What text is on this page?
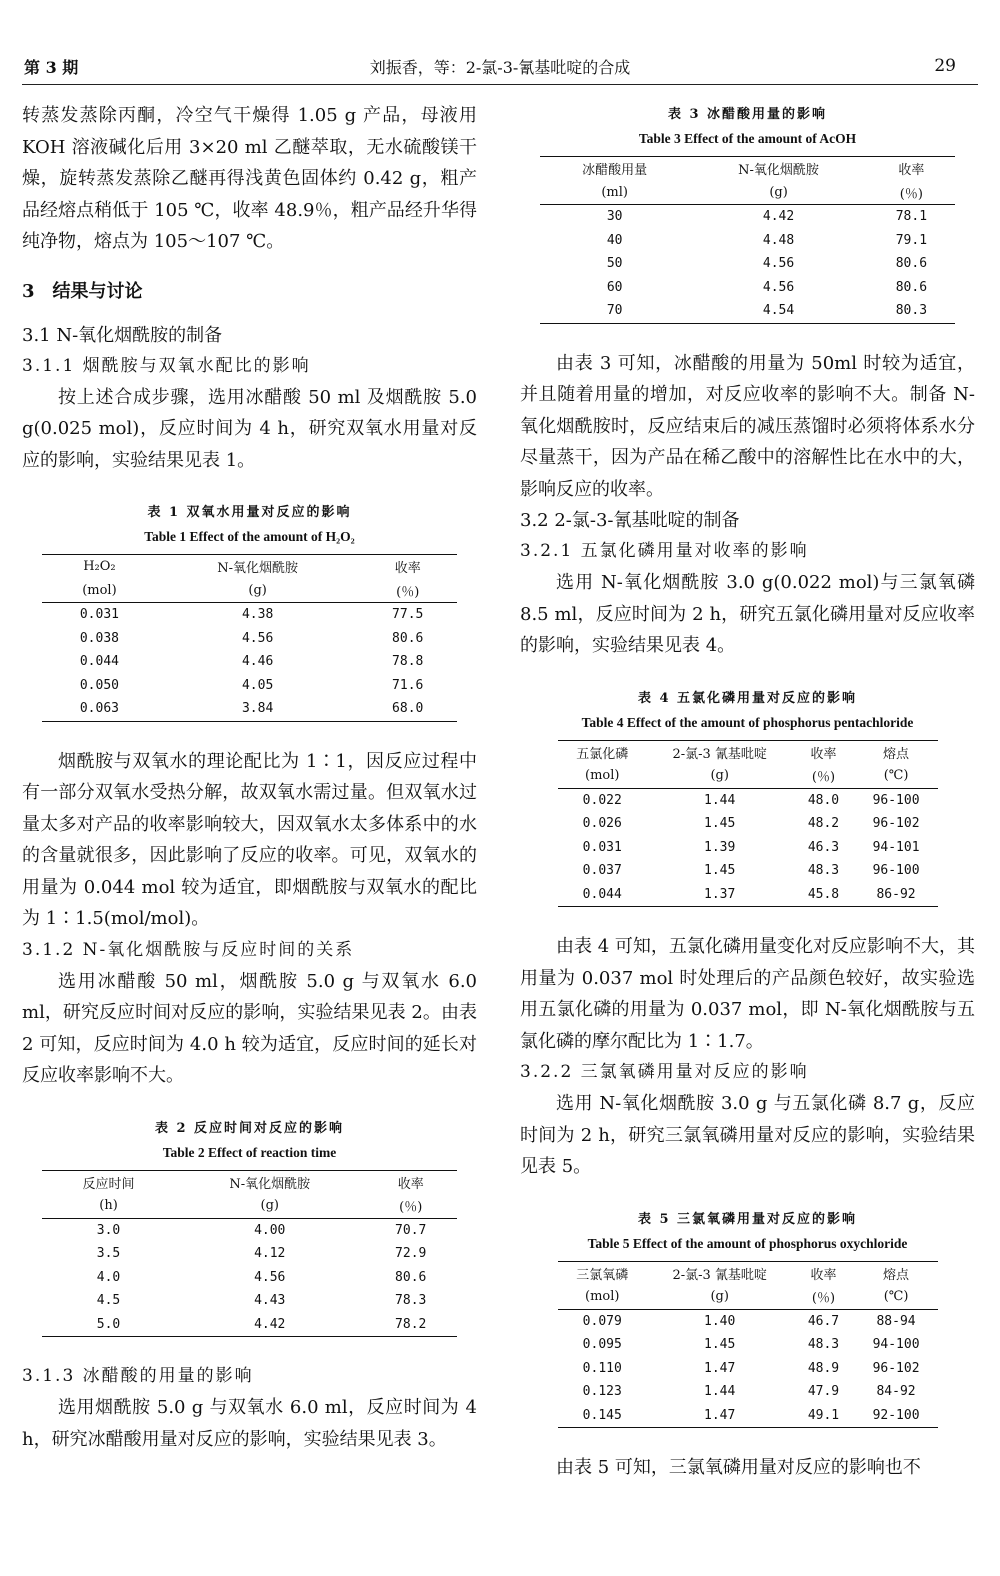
第 3 期	刘振香，等：2-氯-3-氰基吡啶的合成	29

转蒸发蒸除丙酮，冷空气干燥得 1.05 g 产品，母液用 KOH 溶液碱化后用 3×20 ml 乙醚萃取，无水硫酸镁干燥，旋转蒸发蒸除乙醚再得浅黄色固体约 0.42 g，粗产品经熔点稍低于 105 ℃，收率 48.9％，粗产品经升华得纯净物，熔点为 105～107 ℃。

3 结果与讨论
3.1 N-氧化烟酰胺的制备
3.1.1 烟酰胺与双氧水配比的影响

按上述合成步骤，选用冰醋酸 50 ml 及烟酰胺 5.0 g(0.025 mol)，反应时间为 4 h，研究双氧水用量对反应的影响，实验结果见表 1。

表 1 双氧水用量对反应的影响
Table 1 Effect of the amount of H₂O₂
H₂O₂	N-氧化烟酰胺	收率
(mol)	(g)	(％)
0.031	4.38	77.5
0.038	4.56	80.6
0.044	4.46	78.8
0.050	4.05	71.6
0.063	3.84	68.0

烟酰胺与双氧水的理论配比为 1∶1，因反应过程中有一部分双氧水受热分解，故双氧水需过量。但双氧水过量太多对产品的收率影响较大，因双氧水太多体系中的水的含量就很多，因此影响了反应的收率。可见，双氧水的用量为 0.044 mol 较为适宜，即烟酰胺与双氧水的配比为 1∶1.5(mol/mol)。

3.1.2 N-氧化烟酰胺与反应时间的关系

选用冰醋酸 50 ml，烟酰胺 5.0 g 与双氧水 6.0 ml，研究反应时间对反应的影响，实验结果见表 2。由表 2 可知，反应时间为 4.0 h 较为适宜，反应时间的延长对反应收率影响不大。

表 2 反应时间对反应的影响
Table 2 Effect of reaction time
反应时间	N-氧化烟酰胺	收率
(h)	(g)	(％)
3.0	4.00	70.7
3.5	4.12	72.9
4.0	4.56	80.6
4.5	4.43	78.3
5.0	4.42	78.2
3.1.3 冰醋酸的用量的影响

选用烟酰胺 5.0 g 与双氧水 6.0 ml，反应时间为 4 h，研究冰醋酸用量对反应的影响，实验结果见表 3。

表 3 冰醋酸用量的影响
Table 3 Effect of the amount of AcOH
冰醋酸用量	N-氧化烟酰胺	收率
(ml)	(g)	(％)
30	4.42	78.1
40	4.48	79.1
50	4.56	80.6
60	4.56	80.6
70	4.54	80.3

由表 3 可知，冰醋酸的用量为 50ml 时较为适宜，并且随着用量的增加，对反应收率的影响不大。制备 N-氧化烟酰胺时，反应结束后的减压蒸馏时必须将体系水分尽量蒸干，因为产品在稀乙酸中的溶解性比在水中的大，影响反应的收率。

3.2 2-氯-3-氰基吡啶的制备
3.2.1 五氯化磷用量对收率的影响

选用 N-氧化烟酰胺 3.0 g(0.022 mol)与三氯氧磷 8.5 ml，反应时间为 2 h，研究五氯化磷用量对反应收率的影响，实验结果见表 4。

表 4 五氯化磷用量对反应的影响
Table 4 Effect of the amount of phosphorus pentachloride
五氯化磷	2-氯-3 氰基吡啶	收率	熔点
(mol)	(g)	(％)	(℃)
0.022	1.44	48.0	96-100
0.026	1.45	48.2	96-102
0.031	1.39	46.3	94-101
0.037	1.45	48.3	96-100
0.044	1.37	45.8	86-92

由表 4 可知，五氯化磷用量变化对反应影响不大，其用量为 0.037 mol 时处理后的产品颜色较好，故实验选用五氯化磷的用量为 0.037 mol，即 N-氧化烟酰胺与五氯化磷的摩尔配比为 1∶1.7。

3.2.2 三氯氧磷用量对反应的影响

选用 N-氧化烟酰胺 3.0 g 与五氯化磷 8.7 g，反应时间为 2 h，研究三氯氧磷用量对反应的影响，实验结果见表 5。

表 5 三氯氧磷用量对反应的影响
Table 5 Effect of the amount of phosphorus oxychloride
三氯氧磷	2-氯-3 氰基吡啶	收率	熔点
(mol)	(g)	(％)	(℃)
0.079	1.40	46.7	88-94
0.095	1.45	48.3	94-100
0.110	1.47	48.9	96-102
0.123	1.44	47.9	84-92
0.145	1.47	49.1	92-100

由表 5 可知，三氯氧磷用量对反应的影响也不
